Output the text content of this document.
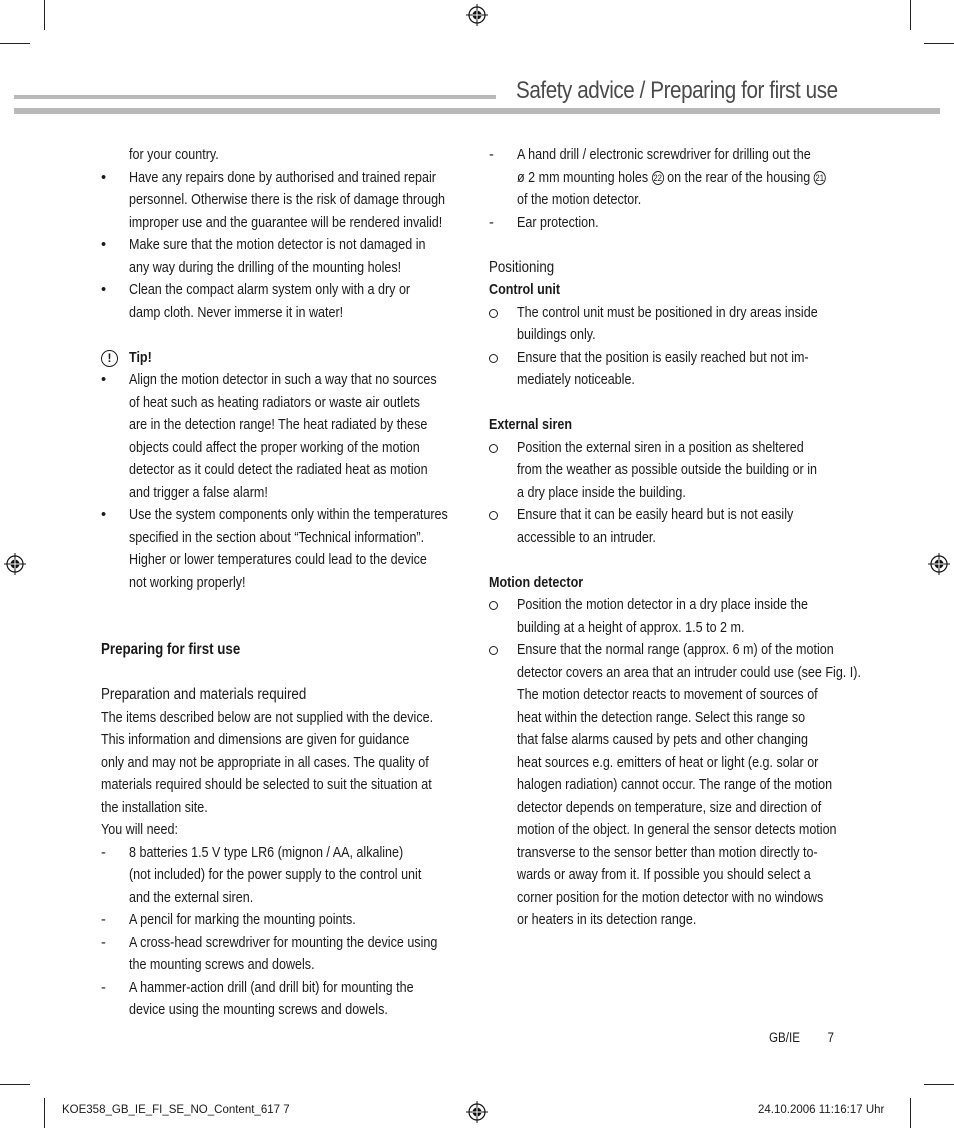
Safety advice / Preparing for first use
for your country.
•	Have any repairs done by authorised and trained repair
personnel. Otherwise there is the risk of damage through
improper use and the guarantee will be rendered invalid!
•	Make sure that the motion detector is not damaged in
any way during the drilling of the mounting holes!
•	Clean the compact alarm system only with a dry or
damp cloth. Never immerse it in water!
!	Tip!
•	Align the motion detector in such a way that no sources
of heat such as heating radiators or waste air outlets
are in the detection range! The heat radiated by these
objects could affect the proper working of the motion
detector as it could detect the radiated heat as motion
and trigger a false alarm!
•	Use the system components only within the temperatures
specified in the section about “Technical information”.
Higher or lower temperatures could lead to the device
not working properly!
Preparing for first use
Preparation and materials required
The items described below are not supplied with the device.
This information and dimensions are given for guidance
only and may not be appropriate in all cases. The quality of
materials required should be selected to suit the situation at
the installation site.
You will need:
-	8 batteries 1.5 V type LR6 (mignon / AA, alkaline)
(not included) for the power supply to the control unit
and the external siren.
-	A pencil for marking the mounting points.
-	A cross-head screwdriver for mounting the device using
the mounting screws and dowels.
-	A hammer-action drill (and drill bit) for mounting the
device using the mounting screws and dowels.
-	A hand drill / electronic screwdriver for drilling out the
ø 2 mm mounting holes 22 on the rear of the housing 21
of the motion detector.
-	Ear protection.
Positioning
Control unit
The control unit must be positioned in dry areas inside
buildings only.
Ensure that the position is easily reached but not im-
mediately noticeable.
External siren
Position the external siren in a position as sheltered
from the weather as possible outside the building or in
a dry place inside the building.
Ensure that it can be easily heard but is not easily
accessible to an intruder.
Motion detector
Position the motion detector in a dry place inside the
building at a height of approx. 1.5 to 2 m.
Ensure that the normal range (approx. 6 m) of the motion
detector covers an area that an intruder could use (see Fig. I).
The motion detector reacts to movement of sources of
heat within the detection range. Select this range so
that false alarms caused by pets and other changing
heat sources e.g. emitters of heat or light (e.g. solar or
halogen radiation) cannot occur. The range of the motion
detector depends on temperature, size and direction of
motion of the object. In general the sensor detects motion
transverse to the sensor better than motion directly to-
wards or away from it. If possible you should select a
corner position for the motion detector with no windows
or heaters in its detection range.
GB/IE 7
KOE358_GB_IE_FI_SE_NO_Content_617 7	24.10.2006 11:16:17 Uhr
